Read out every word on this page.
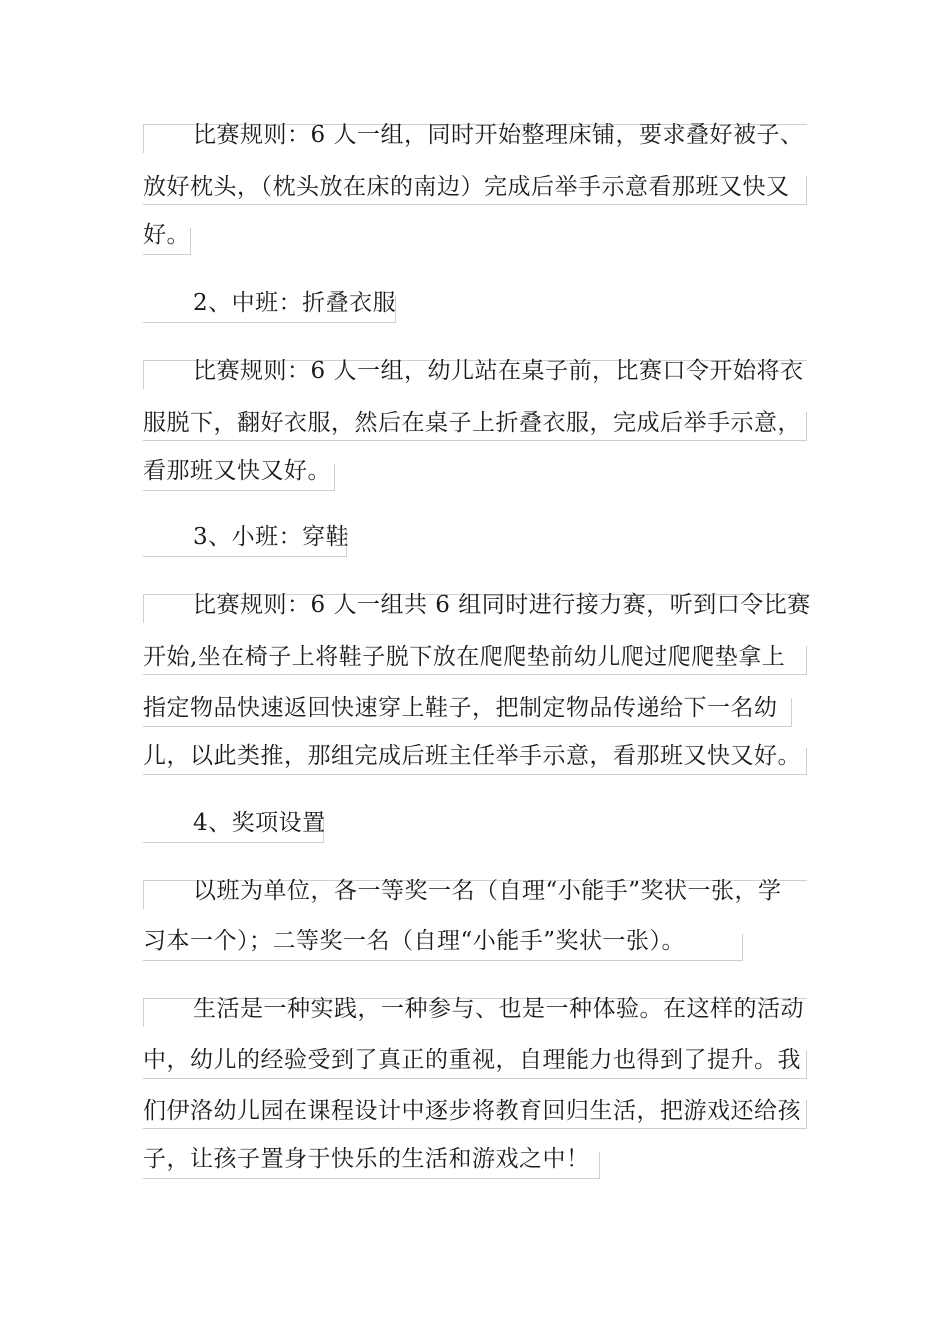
比赛规则：6 人一组，同时开始整理床铺，要求叠好被子、
放好枕头，（枕头放在床的南边）完成后举手示意看那班又快又
好。
2、中班：折叠衣服
比赛规则：6 人一组，幼儿站在桌子前，比赛口令开始将衣
服脱下，翻好衣服，然后在桌子上折叠衣服，完成后举手示意，
看那班又快又好。
3、小班：穿鞋
比赛规则：6 人一组共 6 组同时进行接力赛，听到口令比赛
开始,坐在椅子上将鞋子脱下放在爬爬垫前幼儿爬过爬爬垫拿上
指定物品快速返回快速穿上鞋子，把制定物品传递给下一名幼
儿，以此类推，那组完成后班主任举手示意，看那班又快又好。
4、奖项设置
以班为单位，各一等奖一名（自理“小能手”奖状一张，学
习本一个）；二等奖一名（自理“小能手”奖状一张）。
生活是一种实践，一种参与、也是一种体验。在这样的活动
中，幼儿的经验受到了真正的重视，自理能力也得到了提升。我
们伊洛幼儿园在课程设计中逐步将教育回归生活，把游戏还给孩
子，让孩子置身于快乐的生活和游戏之中！
